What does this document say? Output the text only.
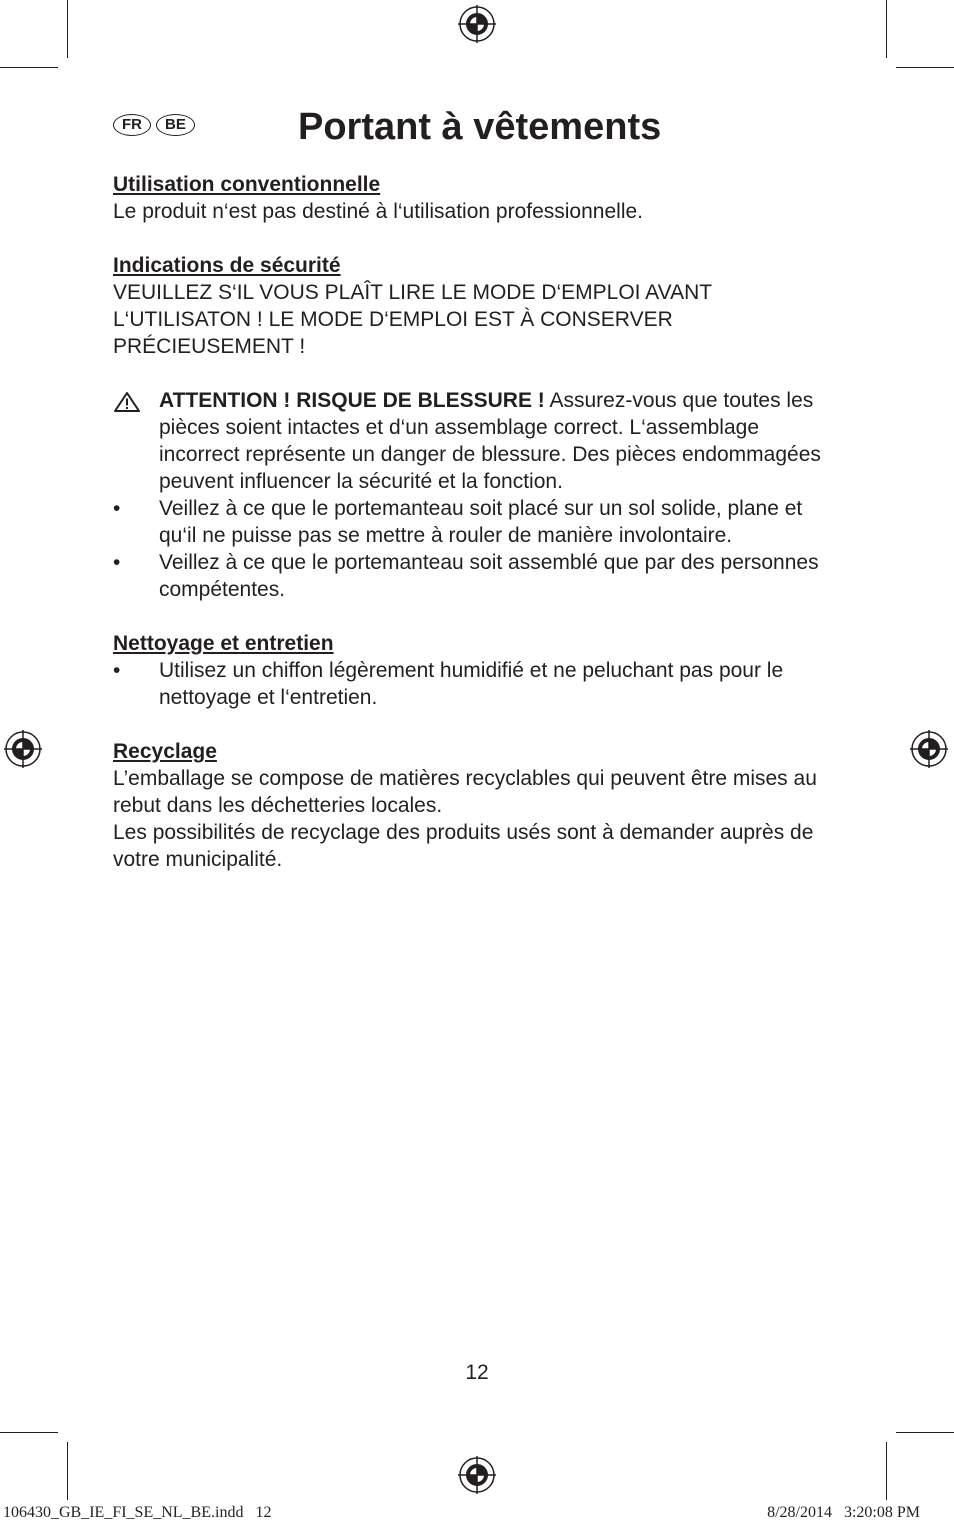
FR	BE	Portant à vêtements

Utilisation conventionnelle

Le produit n‘est pas destiné à l‘utilisation professionnelle.

Indications de sécurité

VEUILLEZ S‘IL VOUS PLAÎT LIRE LE MODE D‘EMPLOI AVANT L‘UTILISATON ! LE MODE D‘EMPLOI EST À CONSERVER PRÉCIEUSEMENT !

ATTENTION ! RISQUE DE BLESSURE ! Assurez-vous que toutes les pièces soient intactes et d‘un assemblage correct. L‘assemblage incorrect représente un danger de blessure. Des pièces endommagées peuvent influencer la sécurité et la fonction.
•	Veillez à ce que le portemanteau soit placé sur un sol solide, plane et qu‘il ne puisse pas se mettre à rouler de manière involontaire.
•	Veillez à ce que le portemanteau soit assemblé que par des personnes compétentes.

Nettoyage et entretien

•	Utilisez un chiffon légèrement humidifié et ne peluchant pas pour le nettoyage et l‘entretien.

Recyclage

L’emballage se compose de matières recyclables qui peuvent être mises au rebut dans les déchetteries locales.

Les possibilités de recyclage des produits usés sont à demander auprès de votre municipalité.

12
106430_GB_IE_FI_SE_NL_BE.indd   12	8/28/2014   3:20:08 PM
